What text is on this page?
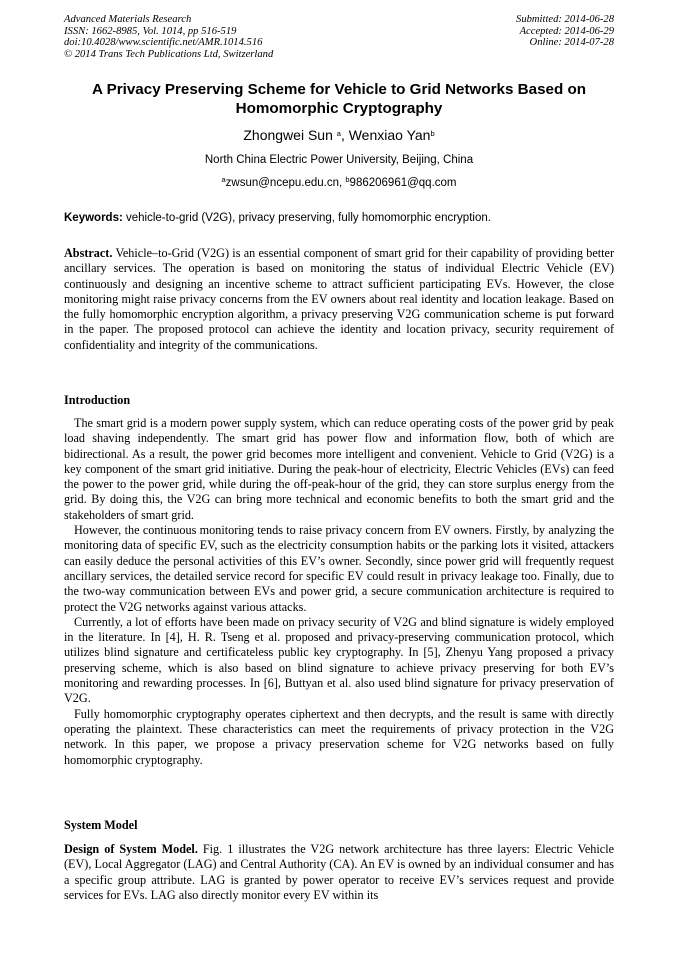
Advanced Materials Research
ISSN: 1662-8985, Vol. 1014, pp 516-519
doi:10.4028/www.scientific.net/AMR.1014.516
© 2014 Trans Tech Publications Ltd, Switzerland
Submitted: 2014-06-28
Accepted: 2014-06-29
Online: 2014-07-28
A Privacy Preserving Scheme for Vehicle to Grid Networks Based on Homomorphic Cryptography
Zhongwei Sun $^a$, Wenxiao Yan$^b$
North China Electric Power University, Beijing, China
$^a$zwsun@ncepu.edu.cn, $^b$986206961@qq.com
Keywords: vehicle-to-grid (V2G), privacy preserving, fully homomorphic encryption.

Abstract. Vehicle–to-Grid (V2G) is an essential component of smart grid for their capability of providing better ancillary services. The operation is based on monitoring the status of individual Electric Vehicle (EV) continuously and designing an incentive scheme to attract sufficient participating EVs. However, the close monitoring might raise privacy concerns from the EV owners about real identity and location leakage. Based on the fully homomorphic encryption algorithm, a privacy preserving V2G communication scheme is put forward in the paper. The proposed protocol can achieve the identity and location privacy, security requirement of confidentiality and integrity of the communications.

Introduction

The smart grid is a modern power supply system, which can reduce operating costs of the power grid by peak load shaving independently. The smart grid has power flow and information flow, both of which are bidirectional. As a result, the power grid becomes more intelligent and convenient. Vehicle to Grid (V2G) is a key component of the smart grid initiative. During the peak-hour of electricity, Electric Vehicles (EVs) can feed the power to the power grid, while during the off-peak-hour of the grid, they can store surplus energy from the grid. By doing this, the V2G can bring more technical and economic benefits to both the smart grid and the stakeholders of smart grid.

However, the continuous monitoring tends to raise privacy concern from EV owners. Firstly, by analyzing the monitoring data of specific EV, such as the electricity consumption habits or the parking lots it visited, attackers can easily deduce the personal activities of this EV’s owner. Secondly, since power grid will frequently request ancillary services, the detailed service record for specific EV could result in privacy leakage too. Finally, due to the two-way communication between EVs and power grid, a secure communication architecture is required to protect the V2G networks against various attacks.

Currently, a lot of efforts have been made on privacy security of V2G and blind signature is widely employed in the literature. In [4], H. R. Tseng et al. proposed and privacy-preserving communication protocol, which utilizes blind signature and certificateless public key cryptography. In [5], Zhenyu Yang proposed a privacy preserving scheme, which is also based on blind signature to achieve privacy preserving for both EV’s monitoring and rewarding processes. In [6], Buttyan et al. also used blind signature for privacy preservation of V2G.

Fully homomorphic cryptography operates ciphertext and then decrypts, and the result is same with directly operating the plaintext. These characteristics can meet the requirements of privacy protection in the V2G network. In this paper, we propose a privacy preservation scheme for V2G networks based on fully homomorphic cryptography.

System Model

Design of System Model. Fig. 1 illustrates the V2G network architecture has three layers: Electric Vehicle (EV), Local Aggregator (LAG) and Central Authority (CA). An EV is owned by an individual consumer and has a specific group attribute. LAG is granted by power operator to receive EV’s services request and provide services for EVs. LAG also directly monitor every EV within its
